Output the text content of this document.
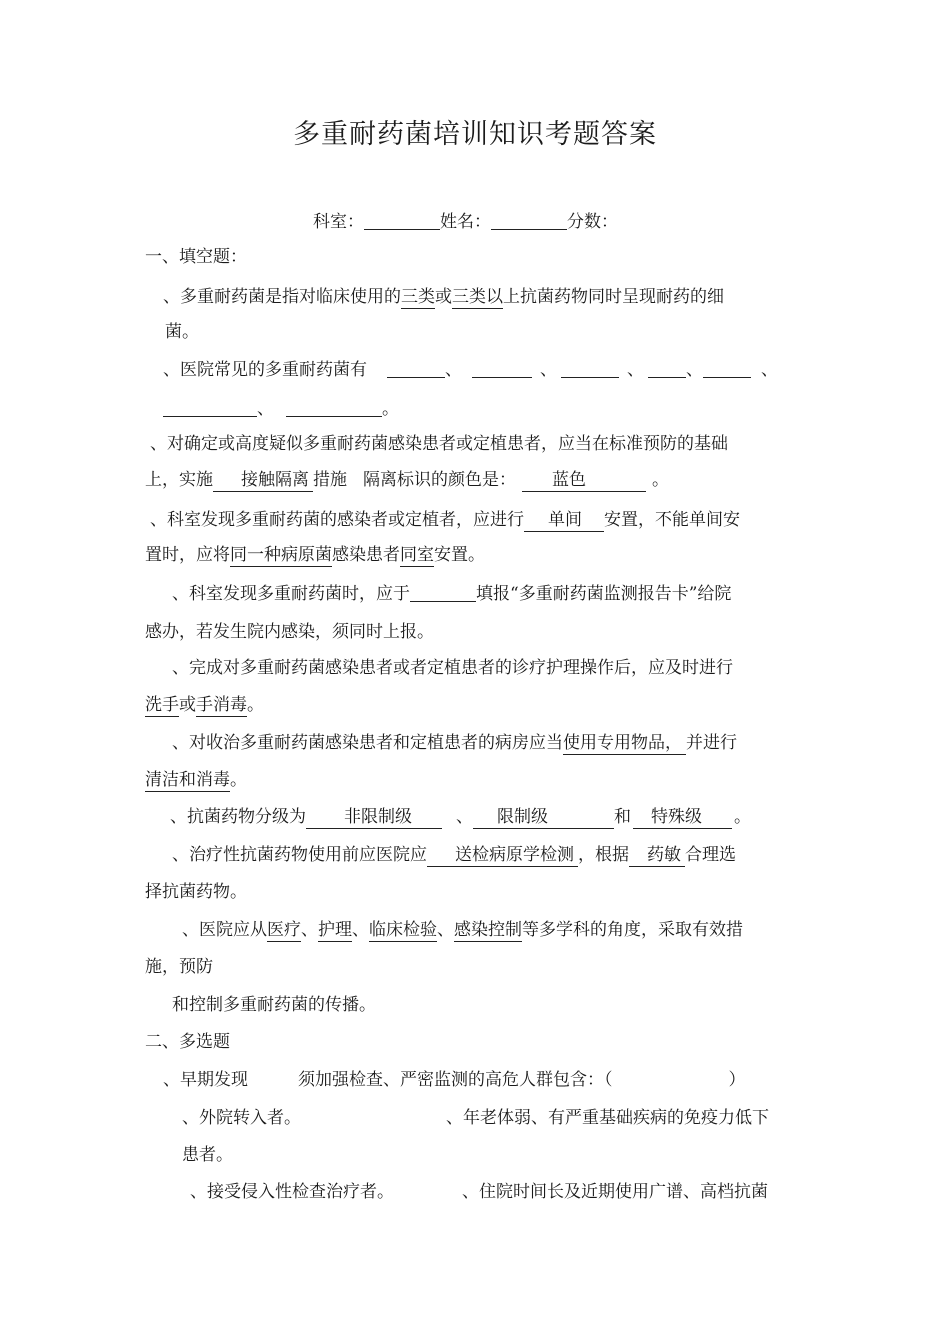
多重耐药菌培训知识考题答案
科室：	姓名：	分数：
一、填空题：
、多重耐药菌是指对临床使用的三类或三类以上抗菌药物同时呈现耐药的细
菌。
、医院常见的多重耐药菌有	、	、	、 、	、
、	。
、对确定或高度疑似多重耐药菌感染患者或定植患者，应当在标准预防的基础
上，实施 接触隔离 措施 隔离标识的颜色是： 蓝色	。
、科室发现多重耐药菌的感染者或定植者，应进行 单间 安置，不能单间安
置时，应将同一种病原菌感染患者同室安置。
、科室发现多重耐药菌时，应于	填报“多重耐药菌监测报告卡”给院
感办，若发生院内感染，须同时上报。
、完成对多重耐药菌感染患者或者定植患者的诊疗护理操作后，应及时进行
洗手或手消毒。
、对收治多重耐药菌感染患者和定植患者的病房应当使用专用物品， 并进行
清洁和消毒。
、抗菌药物分级为 非限制级	、 限制级	和 特殊级 。
、治疗性抗菌药物使用前应医院应 送检病原学检测 ，根据 药敏 合理选
择抗菌药物。
、医院应从医疗、护理、临床检验、感染控制等多学科的角度，采取有效措
施，预防
和控制多重耐药菌的传播。
二、多选题
、早期发现	须加强检查、严密监测的高危人群包含：（	）
、外院转入者。	、年老体弱、有严重基础疾病的免疫力低下
患者。
、接受侵入性检查治疗者。	、住院时间长及近期使用广谱、高档抗菌
